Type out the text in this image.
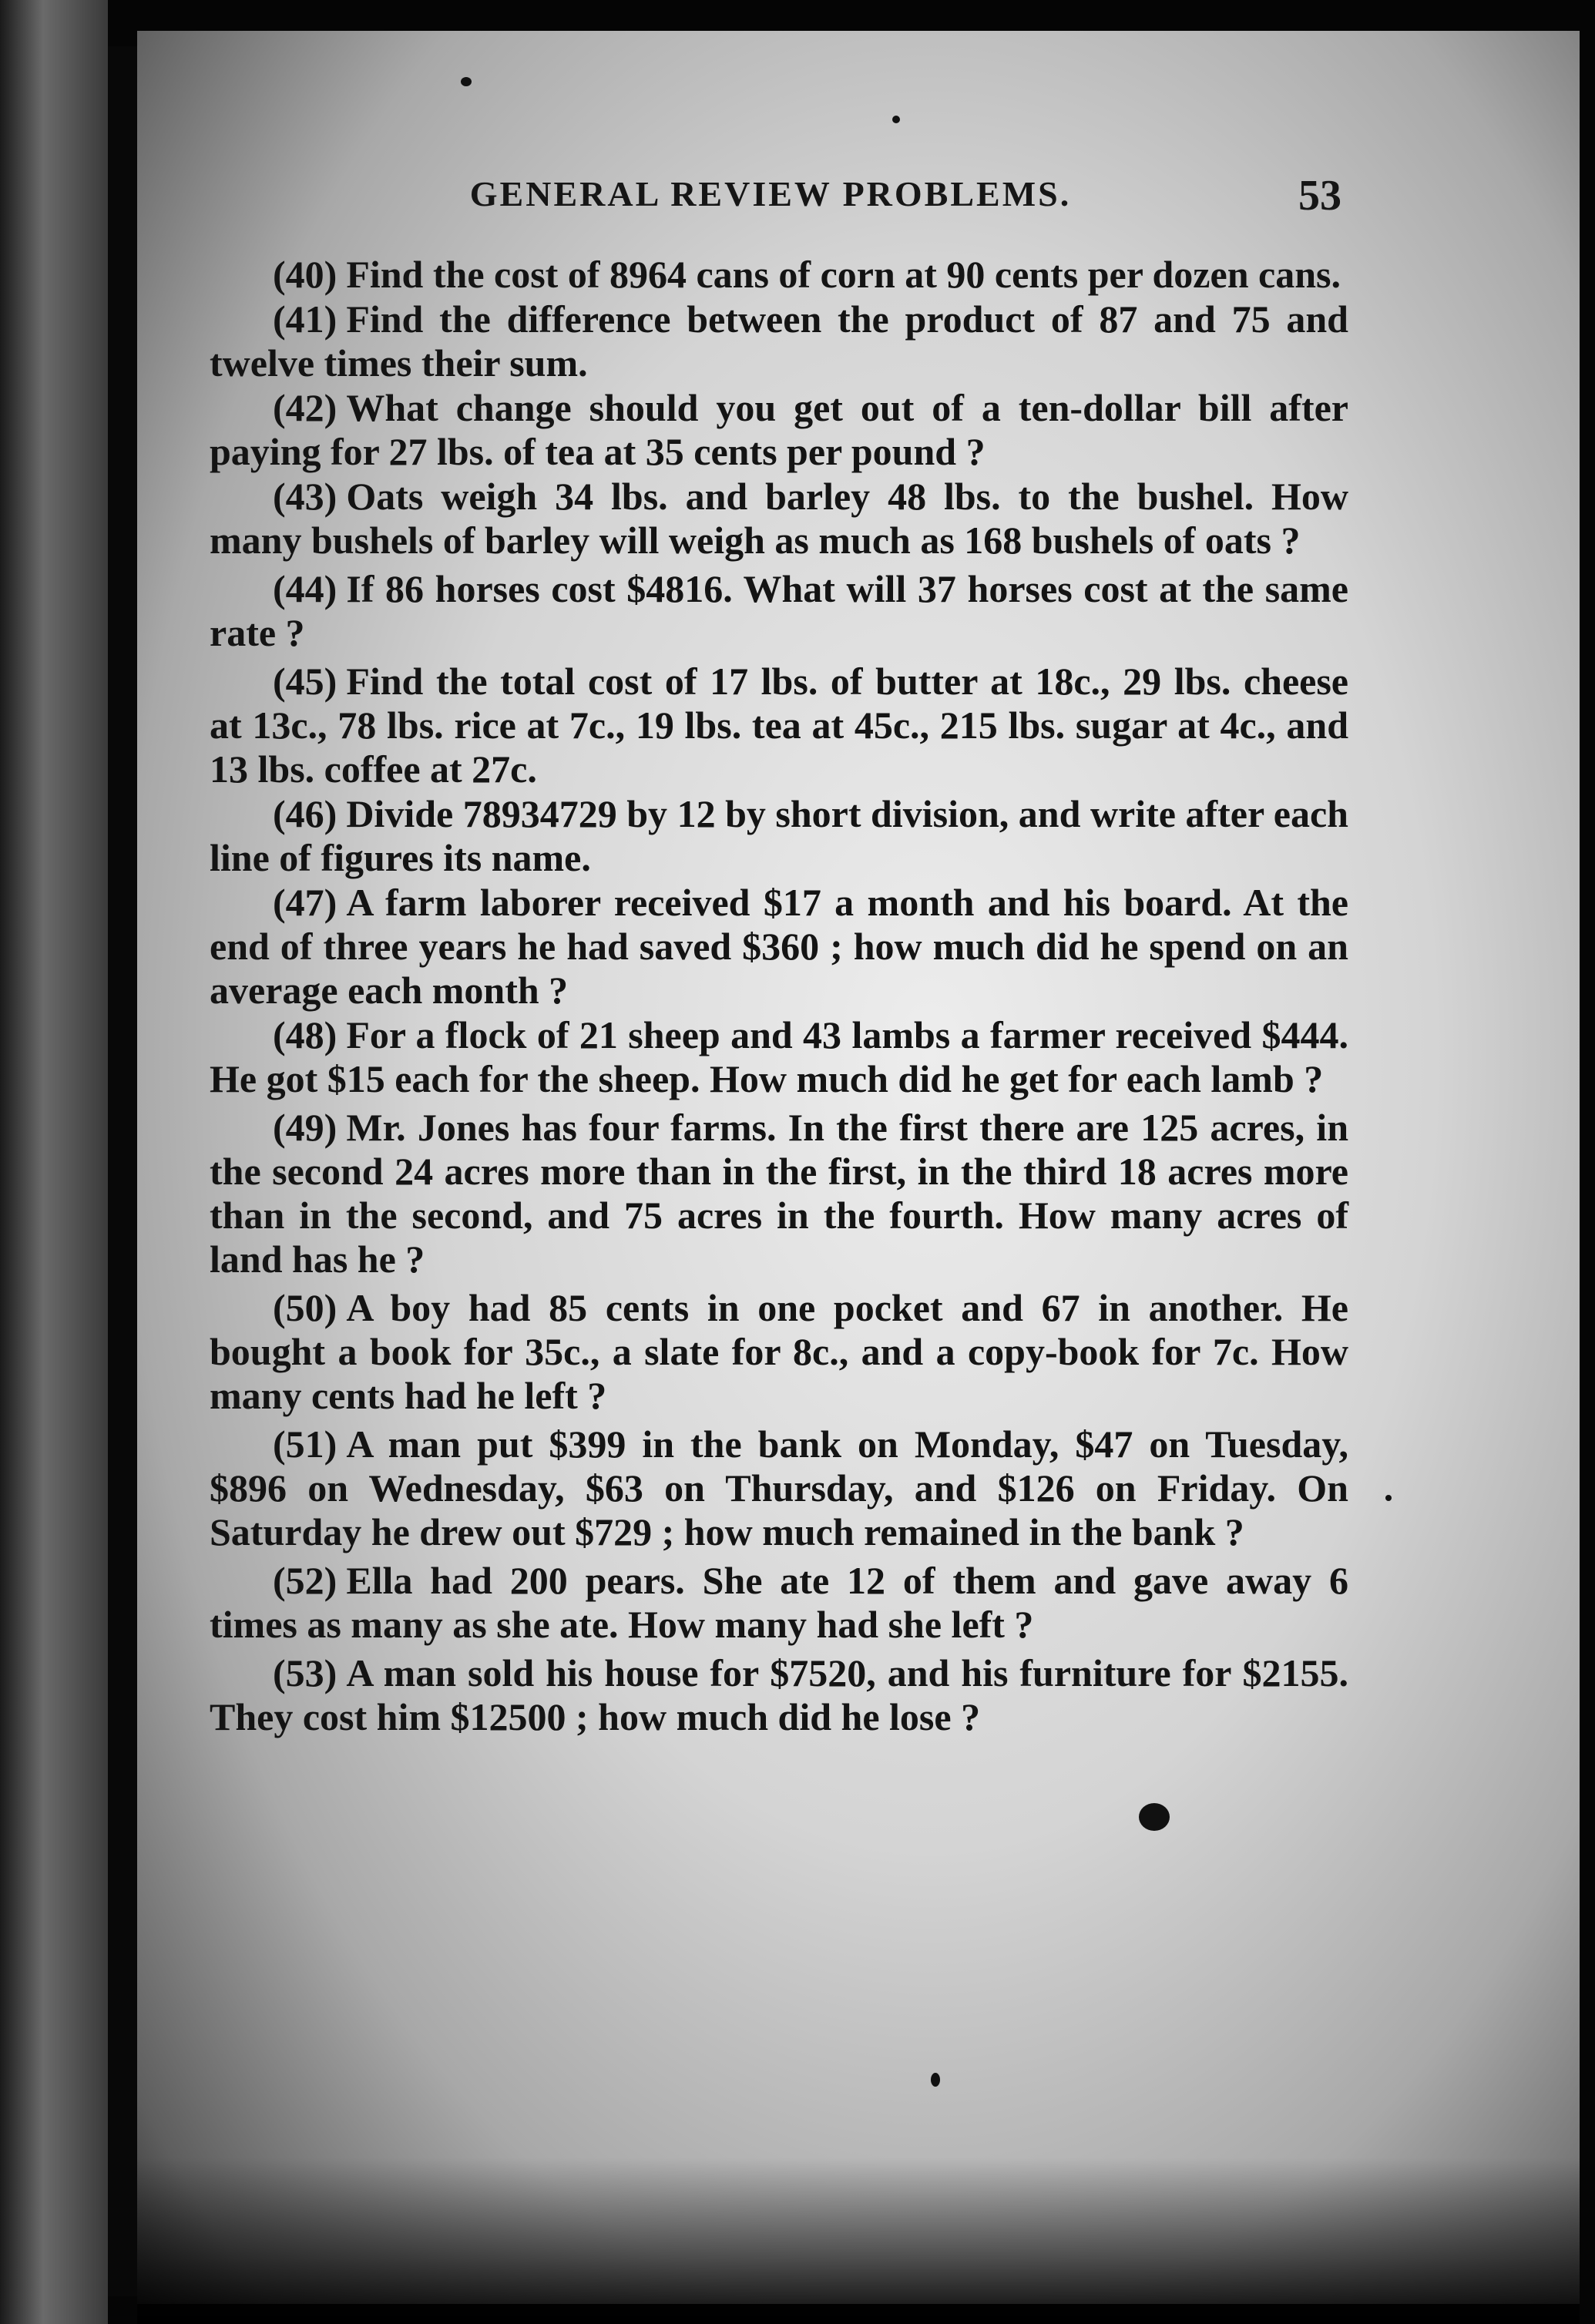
GENERAL REVIEW PROBLEMS.	53

(40) Find the cost of 8964 cans of corn at 90 cents per dozen cans.

(41) Find the difference between the product of 87 and 75 and twelve times their sum.

(42) What change should you get out of a ten-dollar bill after paying for 27 lbs. of tea at 35 cents per pound ?

(43) Oats weigh 34 lbs. and barley 48 lbs. to the bushel. How many bushels of barley will weigh as much as 168 bushels of oats ?

(44) If 86 horses cost $4816. What will 37 horses cost at the same rate ?

(45) Find the total cost of 17 lbs. of butter at 18c., 29 lbs. cheese at 13c., 78 lbs. rice at 7c., 19 lbs. tea at 45c., 215 lbs. sugar at 4c., and 13 lbs. coffee at 27c.

(46) Divide 78934729 by 12 by short division, and write after each line of figures its name.

(47) A farm laborer received $17 a month and his board. At the end of three years he had saved $360 ; how much did he spend on an average each month ?

(48) For a flock of 21 sheep and 43 lambs a farmer received $444. He got $15 each for the sheep. How much did he get for each lamb ?

(49) Mr. Jones has four farms. In the first there are 125 acres, in the second 24 acres more than in the first, in the third 18 acres more than in the second, and 75 acres in the fourth. How many acres of land has he ?

(50) A boy had 85 cents in one pocket and 67 in another. He bought a book for 35c., a slate for 8c., and a copy-book for 7c. How many cents had he left ?

(51) A man put $399 in the bank on Monday, $47 on Tuesday, $896 on Wednesday, $63 on Thursday, and $126 on Friday. On Saturday he drew out $729 ; how much remained in the bank ?

(52) Ella had 200 pears. She ate 12 of them and gave away 6 times as many as she ate. How many had she left ?

(53) A man sold his house for $7520, and his furniture for $2155. They cost him $12500 ; how much did he lose ?
